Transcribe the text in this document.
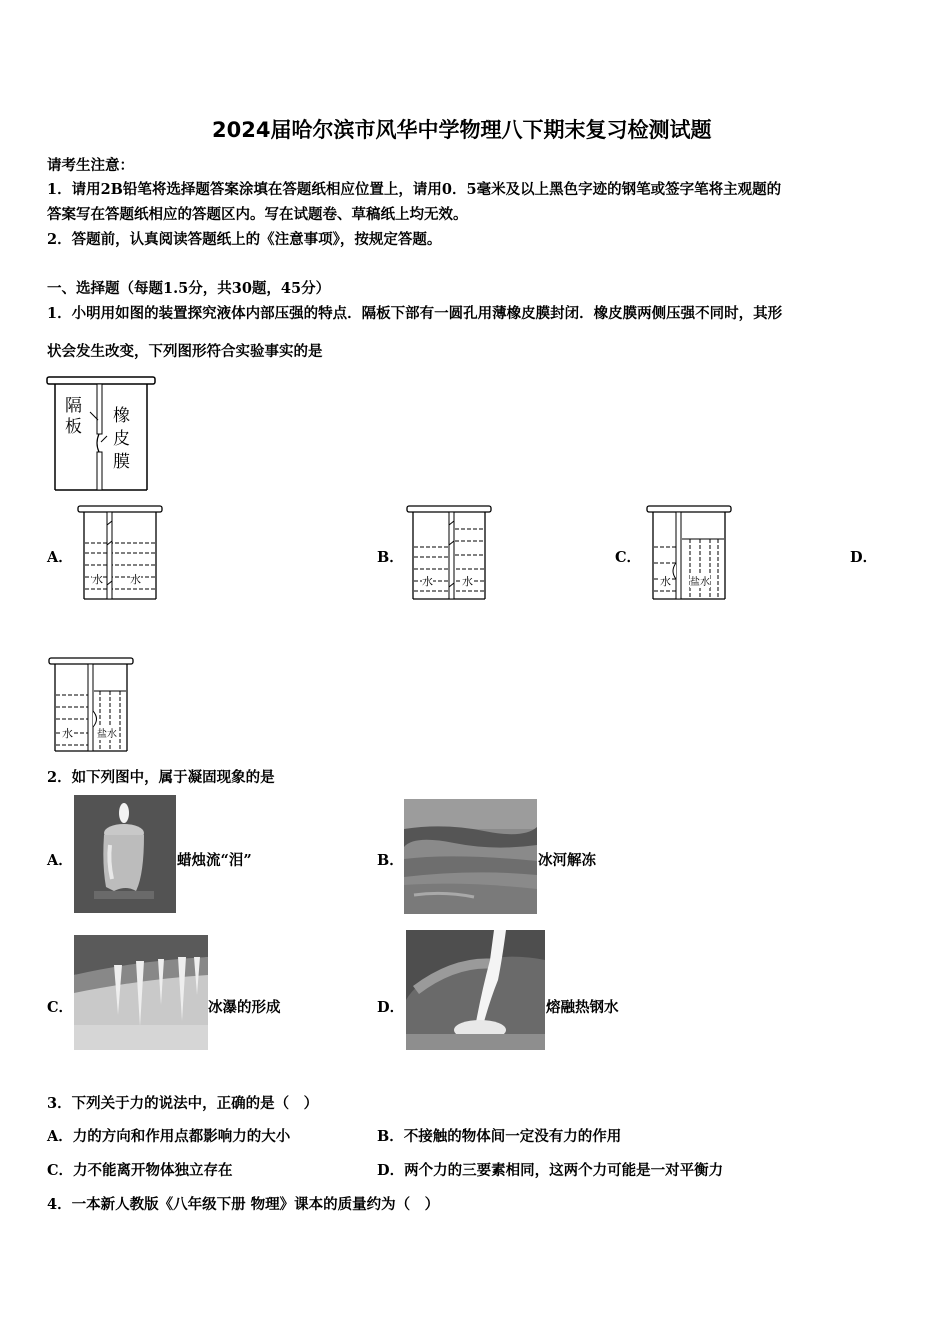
2024届哈尔滨市风华中学物理八下期末复习检测试题
请考生注意：
1．请用2B铅笔将选择题答案涂填在答题纸相应位置上，请用0．5毫米及以上黑色字迹的钢笔或签字笔将主观题的
答案写在答题纸相应的答题区内。写在试题卷、草稿纸上均无效。
2．答题前，认真阅读答题纸上的《注意事项》，按规定答题。
一、选择题（每题1.5分，共30题，45分）
1．小明用如图的装置探究液体内部压强的特点．隔板下部有一圆孔用薄橡皮膜封闭．橡皮膜两侧压强不同时，其形
状会发生改变，下列图形符合实验事实的是
隔板
橡皮膜
A．
水 水
B．
水	水
C．
水 盐水
D．
水 盐水
2．如下列图中，属于凝固现象的是
A．	蜡烛流“泪”	B．	冰河解冻
C．	冰瀑的形成	D．	熔融热钢水
3．下列关于力的说法中，正确的是（　）
A．力的方向和作用点都影响力的大小	B．不接触的物体间一定没有力的作用
C．力不能离开物体独立存在	D．两个力的三要素相同，这两个力可能是一对平衡力
4．一本新人教版《八年级下册 物理》课本的质量约为（　）
